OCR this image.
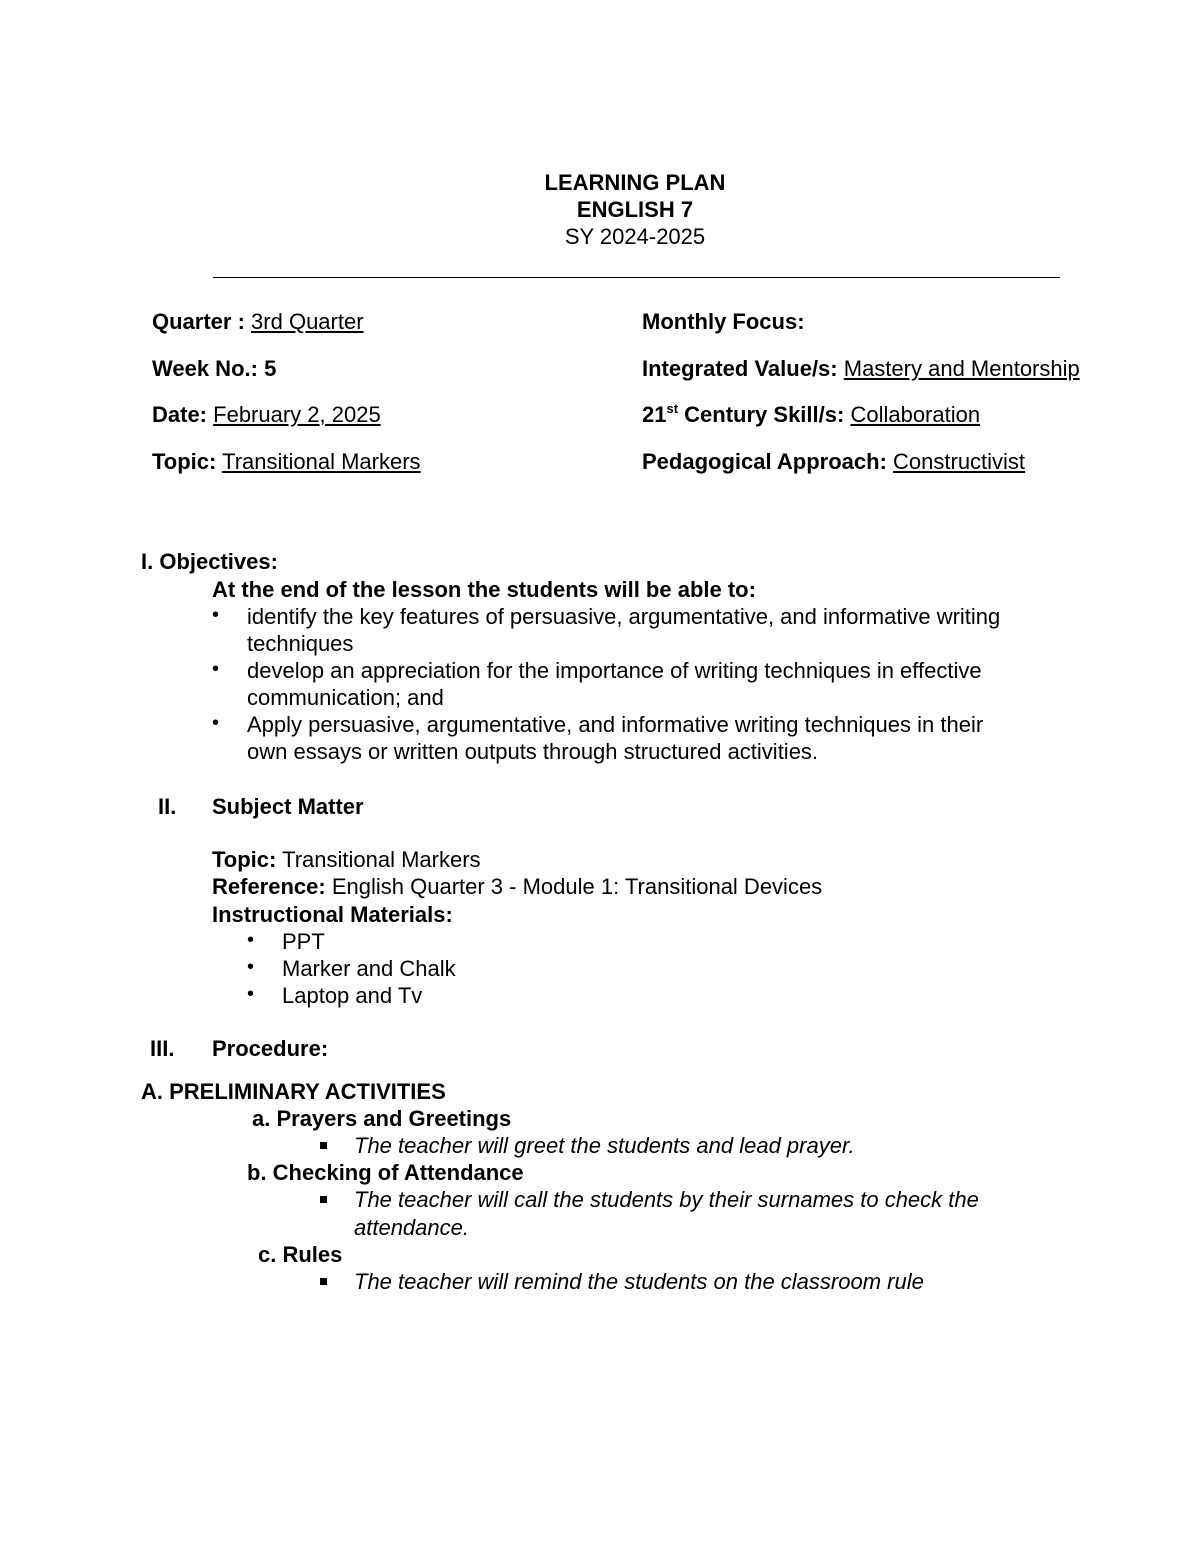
LEARNING PLAN
ENGLISH 7
SY 2024-2025
Quarter : 3rd Quarter
Week No.: 5
Date: February 2, 2025
Topic: Transitional Markers
Monthly Focus:
Integrated Value/s: Mastery and Mentorship
21st Century Skill/s: Collaboration
Pedagogical Approach: Constructivist
I. Objectives:
At the end of the lesson the students will be able to:
• identify the key features of persuasive, argumentative, and informative writing
techniques
• develop an appreciation for the importance of writing techniques in effective
communication; and
• Apply persuasive, argumentative, and informative writing techniques in their
own essays or written outputs through structured activities.
II. Subject Matter
Topic: Transitional Markers
Reference: English Quarter 3 - Module 1: Transitional Devices
Instructional Materials:
• PPT
• Marker and Chalk
• Laptop and Tv
III. Procedure:
A. PRELIMINARY ACTIVITIES
a. Prayers and Greetings
The teacher will greet the students and lead prayer.
b. Checking of Attendance
The teacher will call the students by their surnames to check the
attendance.
c. Rules
The teacher will remind the students on the classroom rule
